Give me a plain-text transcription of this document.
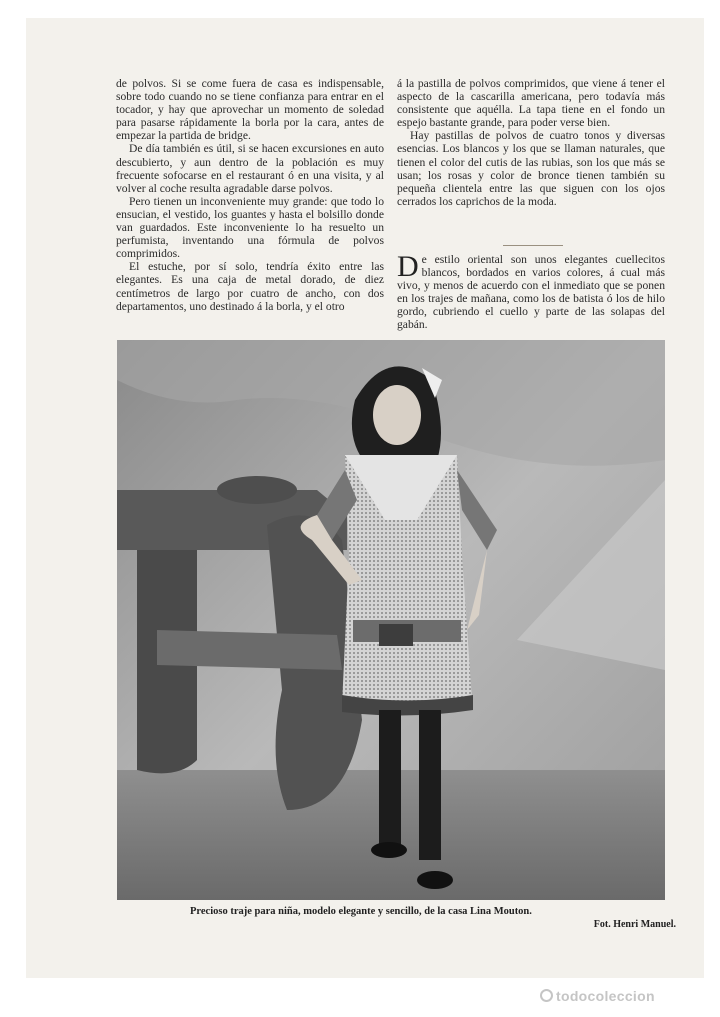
de polvos. Si se come fuera de casa es indispensable, sobre todo cuando no se tiene confianza para entrar en el tocador, y hay que aprovechar un momento de soledad para pasarse rápidamente la borla por la cara, antes de empezar la partida de bridge.

De día también es útil, si se hacen excursiones en auto descubierto, y aun dentro de la población es muy frecuente sofocarse en el restaurant ó en una visita, y al volver al coche resulta agradable darse polvos.

Pero tienen un inconveniente muy grande: que todo lo ensucian, el vestido, los guantes y hasta el bolsillo donde van guardados. Este inconveniente lo ha resuelto un perfumista, inventando una fórmula de polvos comprimidos.

El estuche, por sí solo, tendría éxito entre las elegantes. Es una caja de metal dorado, de diez centímetros de largo por cuatro de ancho, con dos departamentos, uno destinado á la borla, y el otro

á la pastilla de polvos comprimidos, que viene á tener el aspecto de la cascarilla americana, pero todavía más consistente que aquélla. La tapa tiene en el fondo un espejo bastante grande, para poder verse bien.

Hay pastillas de polvos de cuatro tonos y diversas esencias. Los blancos y los que se llaman naturales, que tienen el color del cutis de las rubias, son los que más se usan; los rosas y color de bronce tienen también su pequeña clientela entre las que siguen con los ojos cerrados los caprichos de la moda.

De estilo oriental son unos elegantes cuellecitos blancos, bordados en varios colores, á cual más vivo, y menos de acuerdo con el inmediato que se ponen en los trajes de mañana, como los de batista ó los de hilo gordo, cubriendo el cuello y parte de las solapas del gabán.
Precioso traje para niña, modelo elegante y sencillo, de la casa Lina Mouton.
Fot. Henri Manuel.
todocoleccion
